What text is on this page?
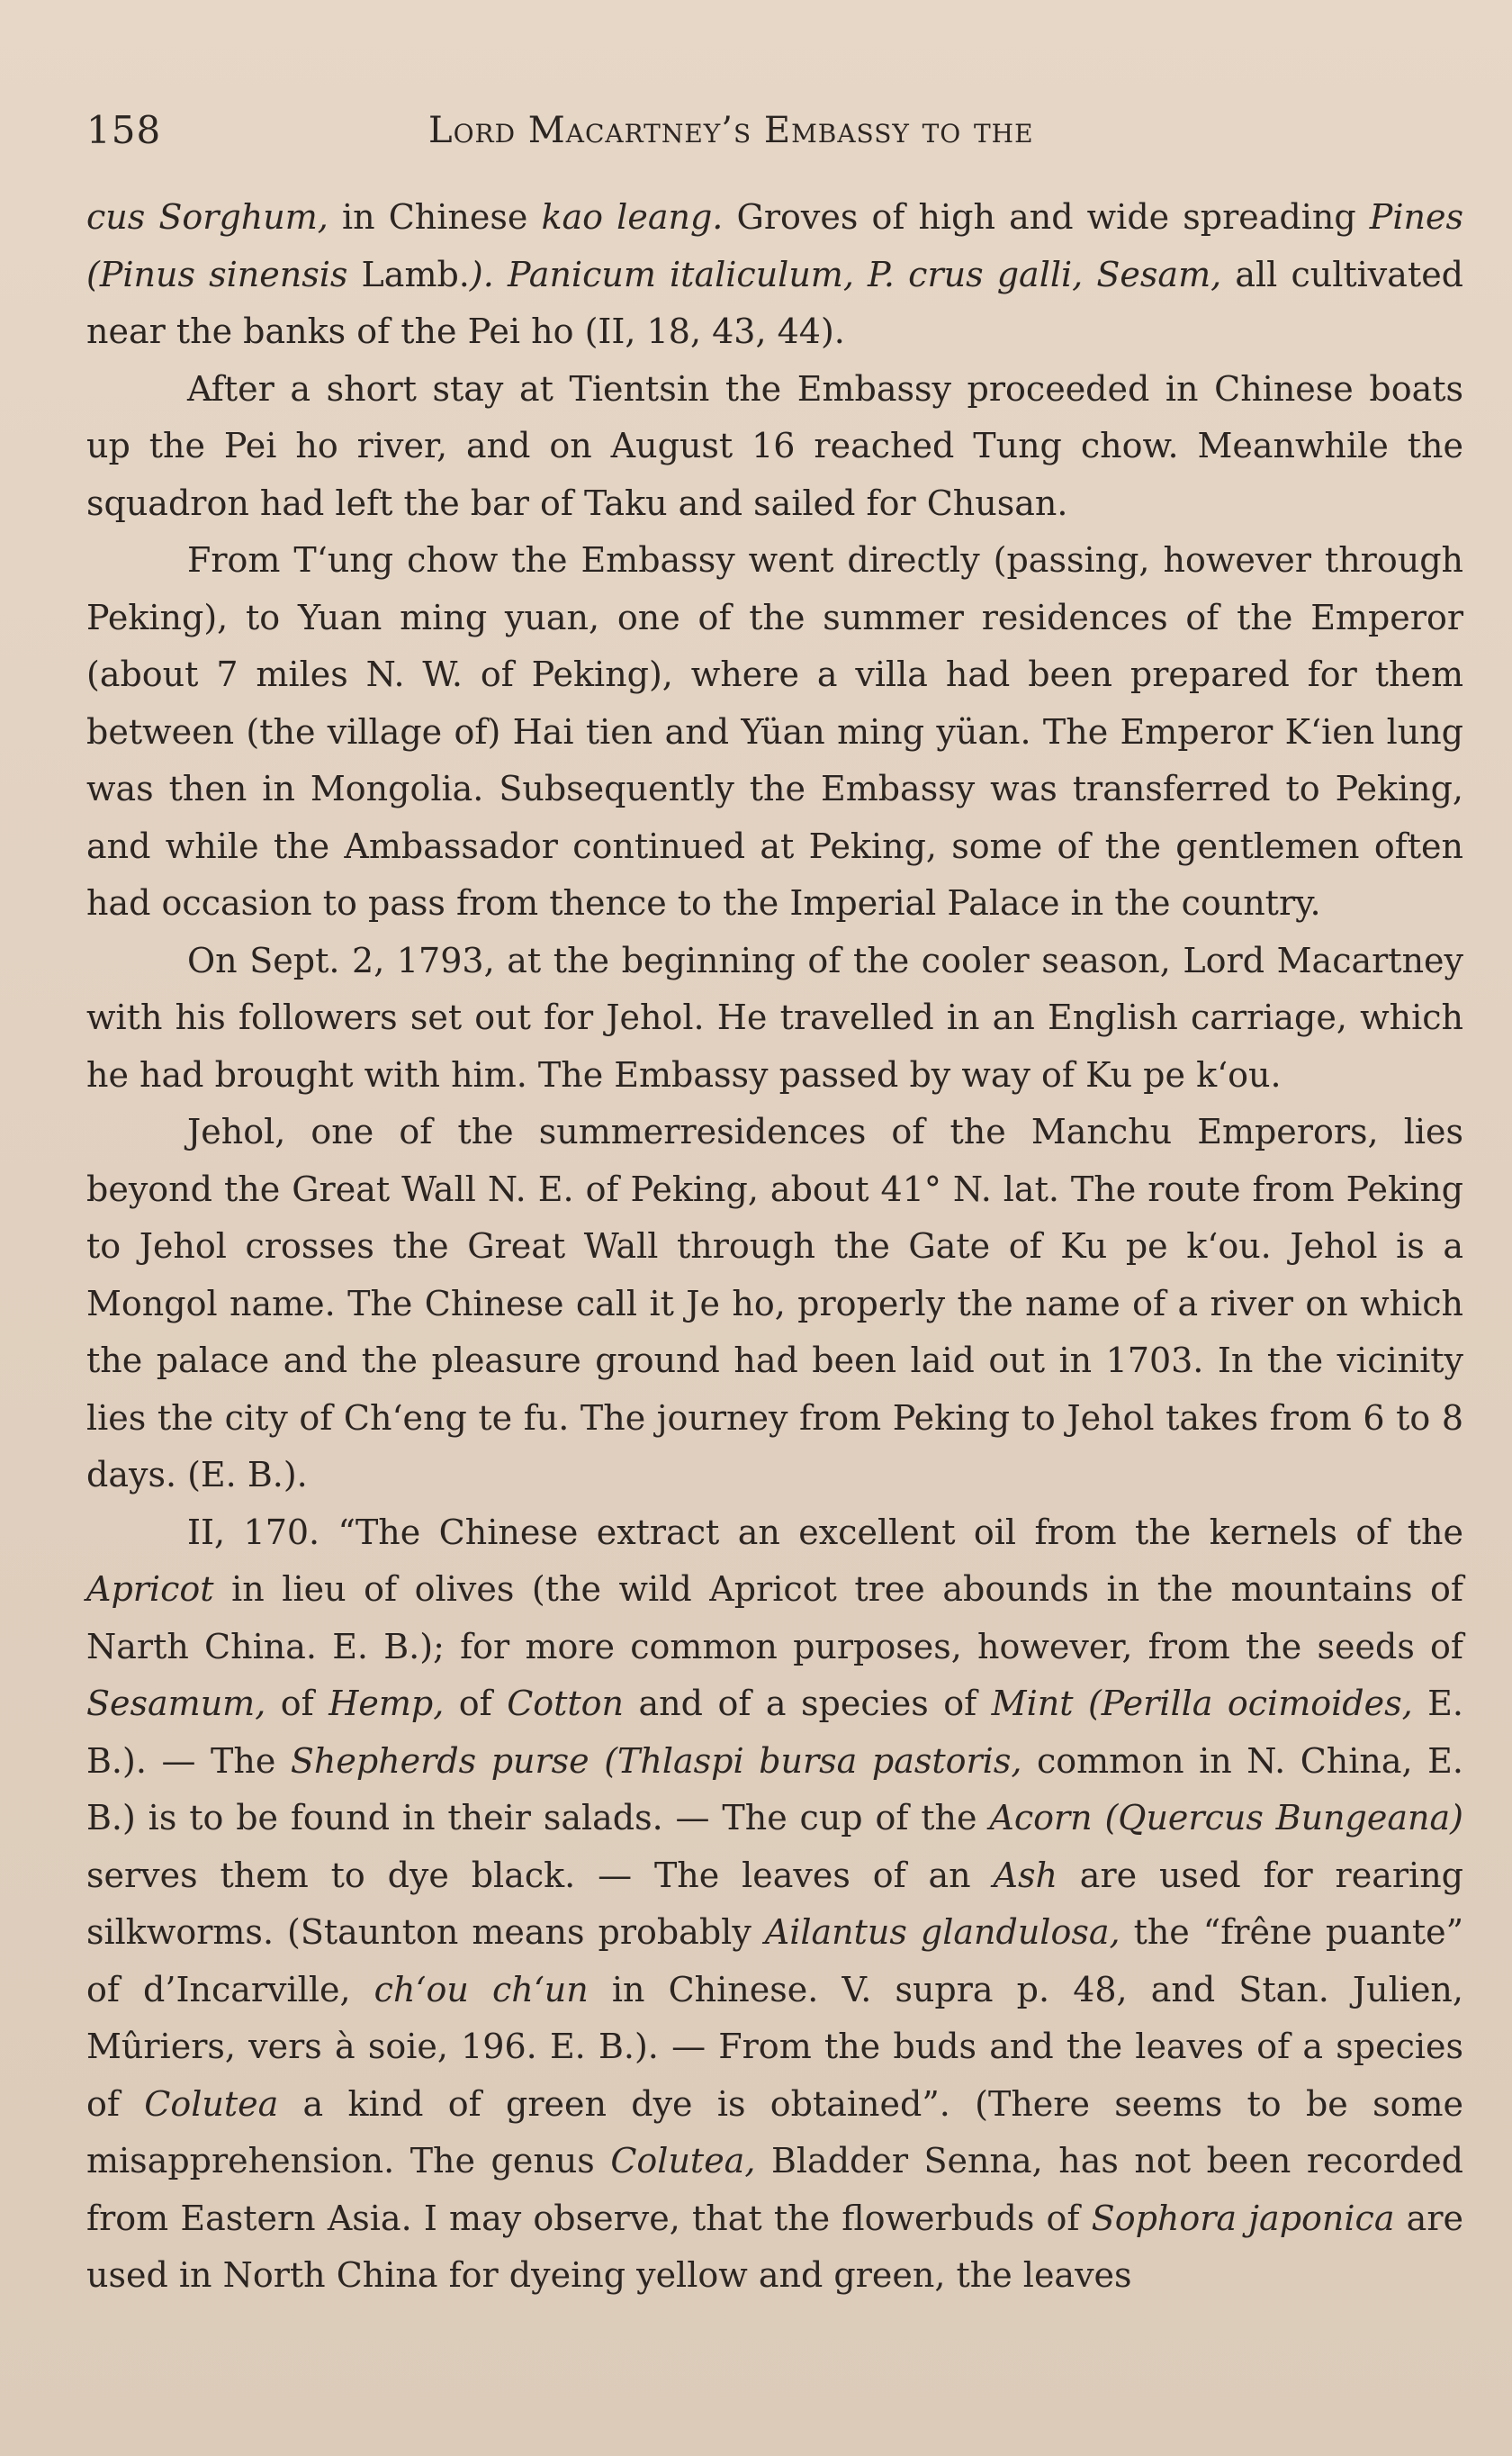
158	Lord Macartney’s Embassy to the

cus Sorghum, in Chinese kao leang. Groves of high and wide spreading Pines (Pinus sinensis Lamb.). Panicum italiculum, P. crus galli, Sesam, all cultivated near the banks of the Pei ho (II, 18, 43, 44).

After a short stay at Tientsin the Embassy proceeded in Chinese boats up the Pei ho river, and on August 16 reached Tung chow. Meanwhile the squadron had left the bar of Taku and sailed for Chusan.

From Tʻung chow the Embassy went directly (passing, however through Peking), to Yuan ming yuan, one of the summer residences of the Emperor (about 7 miles N. W. of Peking), where a villa had been prepared for them between (the village of) Hai tien and Yüan ming yüan. The Emperor Kʻien lung was then in Mongolia. Subsequently the Embassy was transferred to Peking, and while the Ambassador continued at Peking, some of the gentlemen often had occasion to pass from thence to the Imperial Palace in the country.

On Sept. 2, 1793, at the beginning of the cooler season, Lord Macartney with his followers set out for Jehol. He travelled in an English carriage, which he had brought with him. The Embassy passed by way of Ku pe kʻou.

Jehol, one of the summerresidences of the Manchu Emperors, lies beyond the Great Wall N. E. of Peking, about 41° N. lat. The route from Peking to Jehol crosses the Great Wall through the Gate of Ku pe kʻou. Jehol is a Mongol name. The Chinese call it Je ho, properly the name of a river on which the palace and the pleasure ground had been laid out in 1703. In the vicinity lies the city of Chʻeng te fu. The journey from Peking to Jehol takes from 6 to 8 days. (E. B.).

II, 170. “The Chinese extract an excellent oil from the kernels of the Apricot in lieu of olives (the wild Apricot tree abounds in the mountains of Narth China. E. B.); for more common purposes, however, from the seeds of Sesamum, of Hemp, of Cotton and of a species of Mint (Perilla ocimoides, E. B.). — The Shepherds purse (Thlaspi bursa pastoris, common in N. China, E. B.) is to be found in their salads. — The cup of the Acorn (Quercus Bungeana) serves them to dye black. — The leaves of an Ash are used for rearing silkworms. (Staunton means probably Ailantus glandulosa, the “frêne puante” of d’Incarville, chʻou chʻun in Chinese. V. supra p. 48, and Stan. Julien, Mûriers, vers à soie, 196. E. B.). — From the buds and the leaves of a species of Colutea a kind of green dye is obtained”. (There seems to be some misapprehension. The genus Colutea, Bladder Senna, has not been recorded from Eastern Asia. I may observe, that the flowerbuds of Sophora japonica are used in North China for dyeing yellow and green, the leaves
